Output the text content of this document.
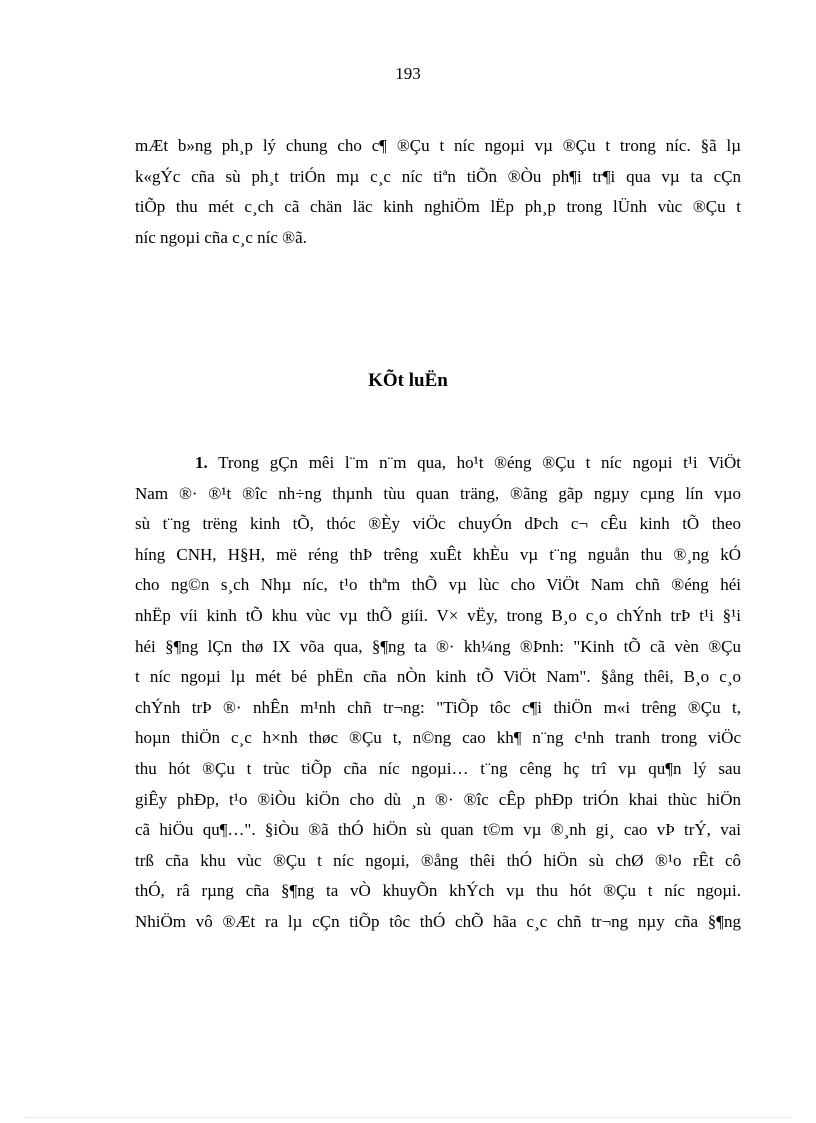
193
mÆt b»ng ph¸p lý chung cho c¶ ®Çu t níc ngoµi vµ ®Çu t trong níc. §ã lµ
k«gÝc cña sù ph¸t triÓn mµ c¸c níc tiªn tiÕn ®Òu ph¶i tr¶i qua vµ ta cÇn
tiÕp thu mét c¸ch cã chän läc kinh nghiÖm lËp ph¸p trong lÜnh vùc ®Çu t
níc ngoµi cña c¸c níc ®ã.
KÕt luËn
1. Trong gÇn mêi l¨m n¨m qua, ho¹t ®éng ®Çu t níc ngoµi t¹i ViÖt
Nam ®· ®¹t ®îc nh÷ng thµnh tùu quan träng, ®ãng gãp ngµy cµng lín vµo
sù t¨ng trëng kinh tÕ, thóc ®Èy viÖc chuyÓn dÞch c¬ cÊu kinh tÕ theo
híng CNH, H§H, më réng thÞ trêng xuÊt khÈu vµ t¨ng nguån thu ®¸ng kÓ
cho ng©n s¸ch Nhµ níc, t¹o thªm thÕ vµ lùc cho ViÖt Nam chñ ®éng héi
nhËp víi kinh tÕ khu vùc vµ thÕ giíi. V× vËy, trong B¸o c¸o chÝnh trÞ t¹i §¹i
héi §¶ng lÇn thø IX võa qua, §¶ng ta ®· kh¼ng ®Þnh: "Kinh tÕ cã vèn ®Çu
t níc ngoµi lµ mét bé phËn cña nÒn kinh tÕ ViÖt Nam". §ång thêi, B¸o c¸o
chÝnh trÞ ®· nhÊn m¹nh chñ tr¬ng: "TiÕp tôc c¶i thiÖn m«i trêng ®Çu t,
hoµn thiÖn c¸c h×nh thøc ®Çu t, n©ng cao kh¶ n¨ng c¹nh tranh trong viÖc
thu hót ®Çu t trùc tiÕp cña níc ngoµi… t¨ng cêng hç trî vµ qu¶n lý sau
giÊy phÐp, t¹o ®iÒu kiÖn cho dù ¸n ®· ®îc cÊp phÐp triÓn khai thùc hiÖn
cã hiÖu qu¶…". §iÒu ®ã thÓ hiÖn sù quan t©m vµ ®¸nh gi¸ cao vÞ trÝ, vai
trß cña khu vùc ®Çu t níc ngoµi, ®ång thêi thÓ hiÖn sù chØ ®¹o rÊt cô
thÓ, râ rµng cña §¶ng ta vÒ khuyÕn khÝch vµ thu hót ®Çu t níc ngoµi.
NhiÖm vô ®Æt ra lµ cÇn tiÕp tôc thÓ chÕ hãa c¸c chñ tr¬ng nµy cña §¶ng
